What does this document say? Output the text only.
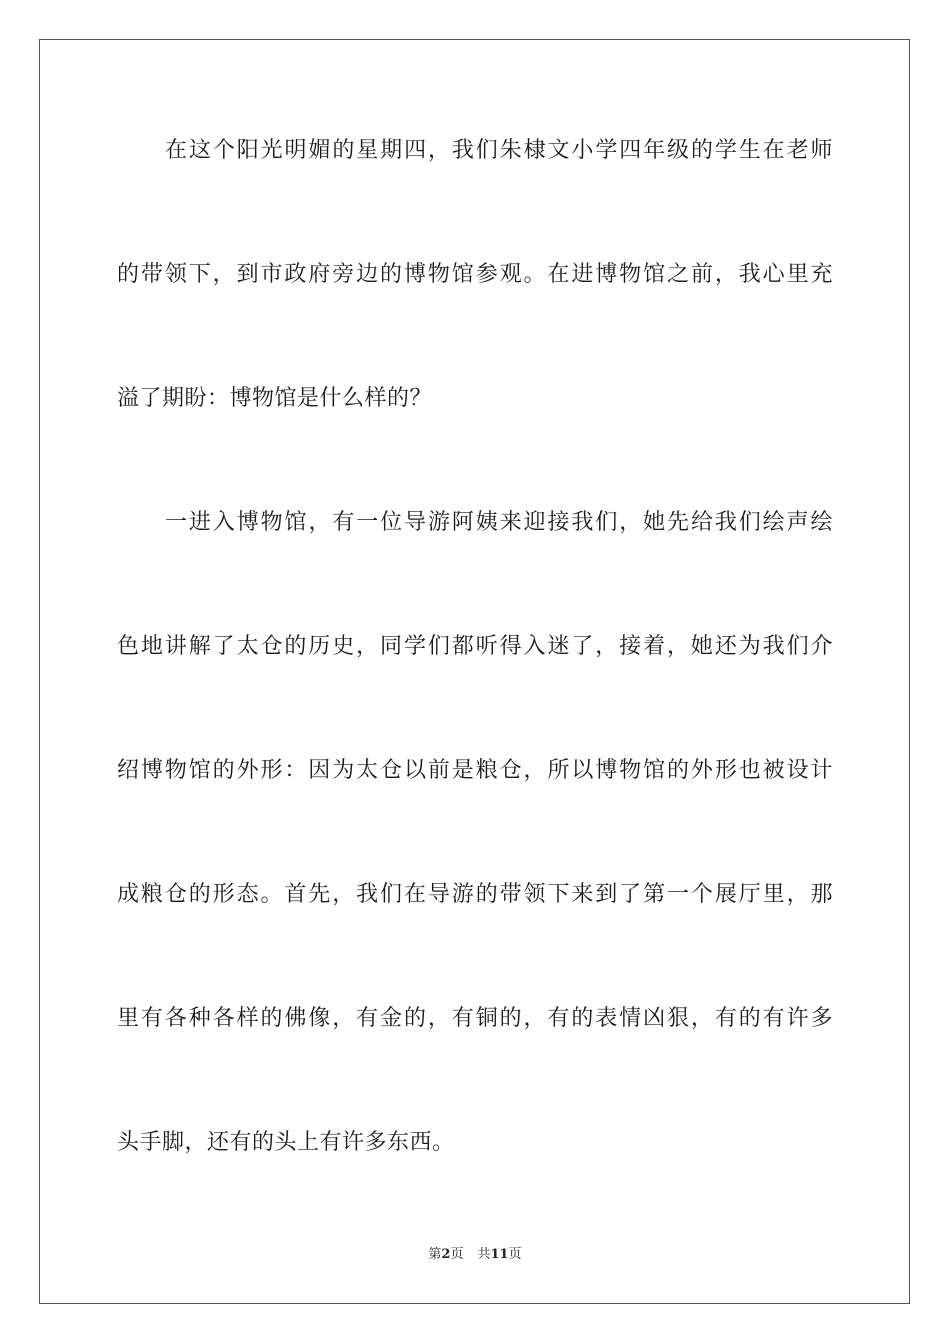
在这个阳光明媚的星期四，我们朱棣文小学四年级的学生在老师
的带领下，到市政府旁边的博物馆参观。在进博物馆之前，我心里充
溢了期盼：博物馆是什么样的？
一进入博物馆，有一位导游阿姨来迎接我们，她先给我们绘声绘
色地讲解了太仓的历史，同学们都听得入迷了，接着，她还为我们介
绍博物馆的外形：因为太仓以前是粮仓，所以博物馆的外形也被设计
成粮仓的形态。首先，我们在导游的带领下来到了第一个展厅里，那
里有各种各样的佛像，有金的，有铜的，有的表情凶狠，有的有许多
头手脚，还有的头上有许多东西。
第2页 共11页
